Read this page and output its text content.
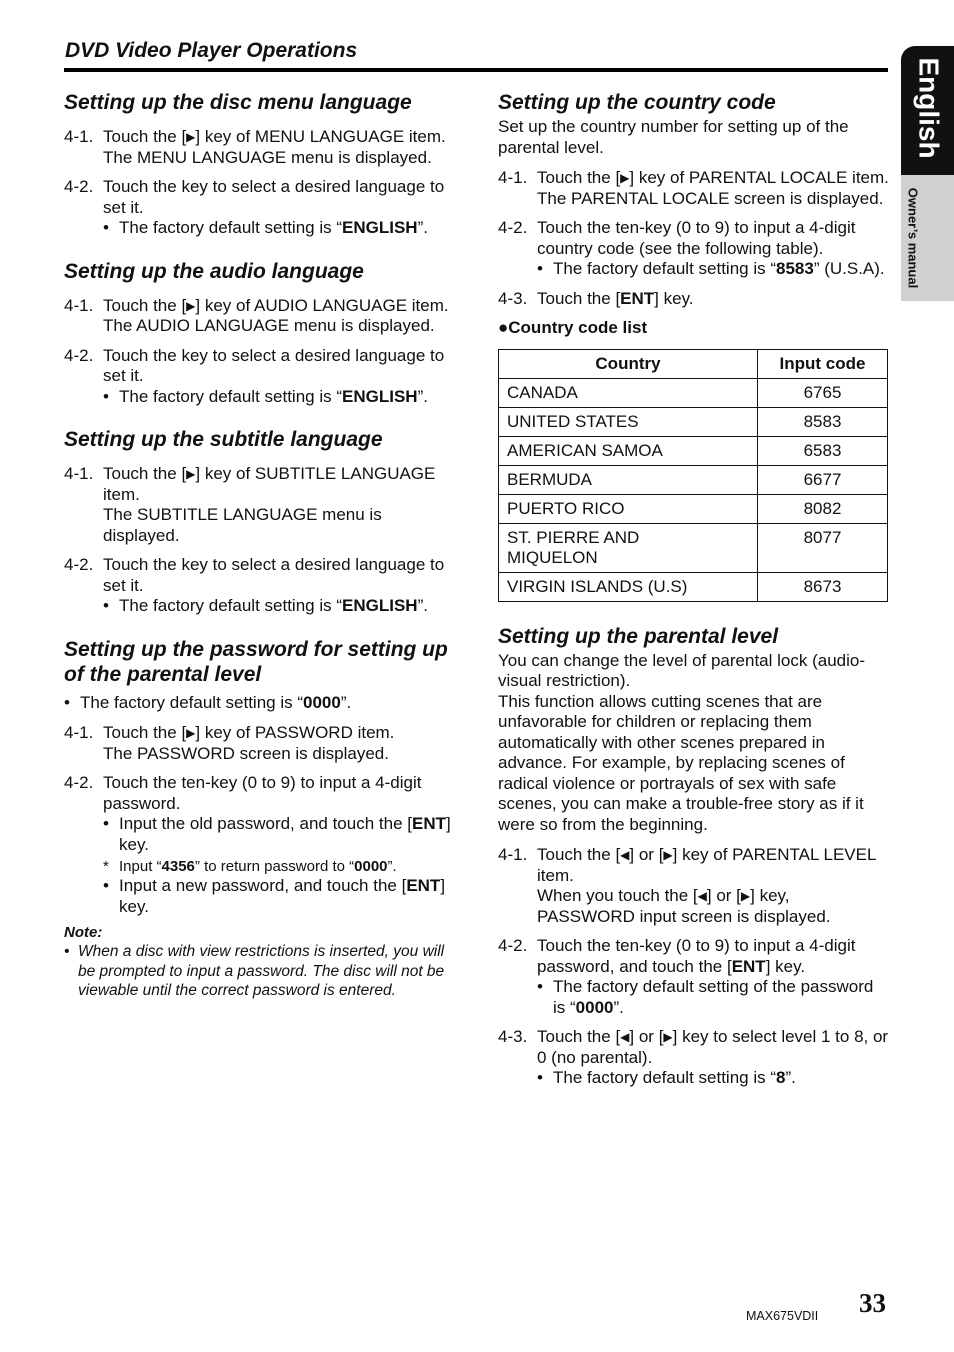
DVD Video Player Operations
English
Owner’s manual
Setting up the disc menu language
4-1. Touch the [▶] key of MENU LANGUAGE item.
The MENU LANGUAGE menu is displayed.
4-2. Touch the key to select a desired language to set it.
• The factory default setting is “ENGLISH”.
Setting up the audio language
4-1. Touch the [▶] key of AUDIO LANGUAGE item.
The AUDIO LANGUAGE menu is displayed.
4-2. Touch the key to select a desired language to set it.
• The factory default setting is “ENGLISH”.
Setting up the subtitle language
4-1. Touch the [▶] key of SUBTITLE LANGUAGE item.
The SUBTITLE LANGUAGE menu is displayed.
4-2. Touch the key to select a desired language to set it.
• The factory default setting is “ENGLISH”.
Setting up the password for setting up of the parental level
• The factory default setting is “0000”.
4-1. Touch the [▶] key of PASSWORD item.
The PASSWORD screen is displayed.
4-2. Touch the ten-key (0 to 9) to input a 4-digit password.
• Input the old password, and touch the [ENT] key.
* Input “4356” to return password to “0000”.
• Input a new password, and touch the [ENT] key.
Note:
• When a disc with view restrictions is inserted, you will be prompted to input a password. The disc will not be viewable until the correct password is entered.
Setting up the country code
Set up the country number for setting up of the parental level.
4-1. Touch the [▶] key of PARENTAL LOCALE item.
The PARENTAL LOCALE screen is displayed.
4-2. Touch the ten-key (0 to 9) to input a 4-digit country code (see the following table).
• The factory default setting is “8583” (U.S.A).
4-3. Touch the [ENT] key.
●Country code list
Country	Input code
CANADA	6765
UNITED STATES	8583
AMERICAN SAMOA	6583
BERMUDA	6677
PUERTO RICO	8082
ST. PIERRE AND MIQUELON	8077
VIRGIN ISLANDS (U.S)	8673
Setting up the parental level
You can change the level of parental lock (audio-visual restriction).
This function allows cutting scenes that are unfavorable for children or replacing them automatically with other scenes prepared in advance. For example, by replacing scenes of radical violence or portrayals of sex with safe scenes, you can make a trouble-free story as if it were so from the beginning.
4-1. Touch the [◀] or [▶] key of PARENTAL LEVEL item.
When you touch the [◀] or [▶] key, PASSWORD input screen is displayed.
4-2. Touch the ten-key (0 to 9) to input a 4-digit password, and touch the [ENT] key.
• The factory default setting of the password is “0000”.
4-3. Touch the [◀] or [▶] key to select level 1 to 8, or 0 (no parental).
• The factory default setting is “8”.
MAX675VDII 33
